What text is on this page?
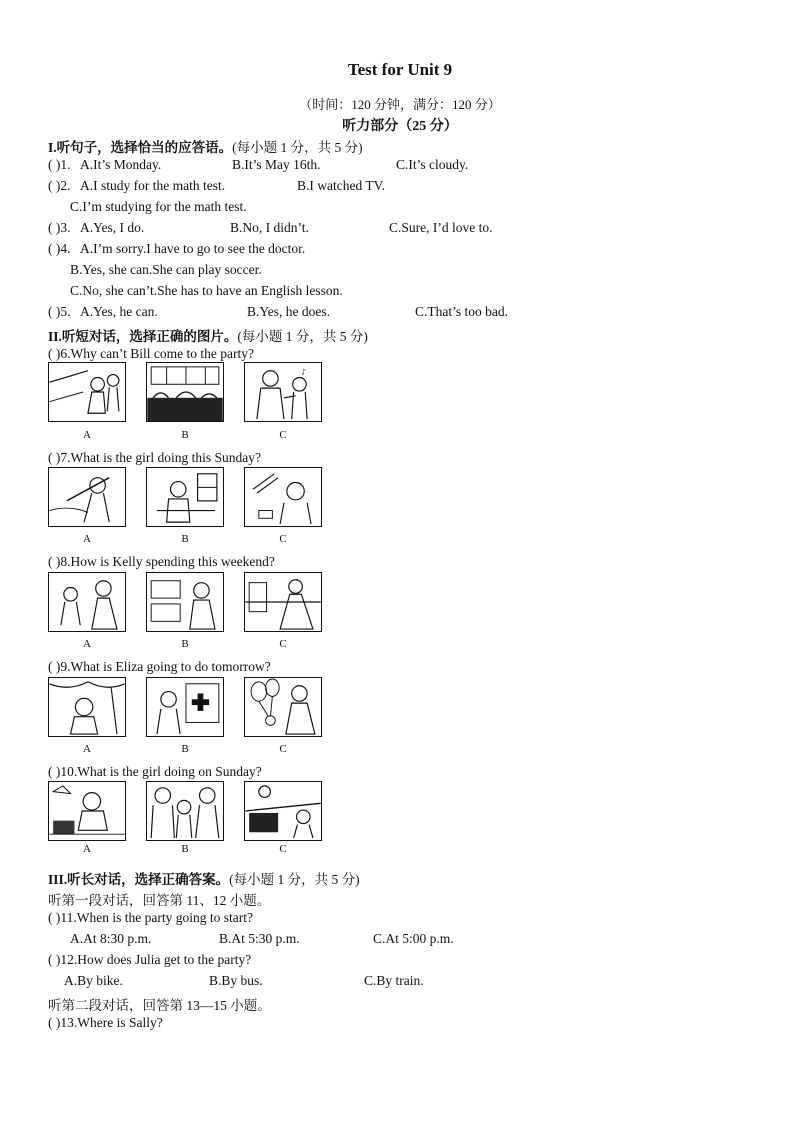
Test for Unit 9
（时间：120 分钟，满分：120 分）
听力部分（25 分）
I.听句子，选择恰当的应答语。(每小题 1 分，共 5 分)
( )1. A.It’s Monday.	B.It’s May 16th.	C.It’s cloudy.
( )2. A.I study for the math test.	B.I watched TV.
C.I’m studying for the math test.
( )3. A.Yes, I do.	B.No, I didn’t.	C.Sure, I’d love to.
( )4. A.I’m sorry.I have to go to see the doctor.
B.Yes, she can.She can play soccer.
C.No, she can’t.She has to have an English lesson.
( )5. A.Yes, he can.	B.Yes, he does.	C.That’s too bad.
II.听短对话，选择正确的图片。(每小题 1 分，共 5 分)
( )6.Why can’t Bill come to the party?
♪
A	B	C
( )7.What is the girl doing this Sunday?
A	B	C
( )8.How is Kelly spending this weekend?
A	B	C
( )9.What is Eliza going to do tomorrow?
A	B	C
( )10.What is the girl doing on Sunday?
A	B	C
III.听长对话，选择正确答案。(每小题 1 分，共 5 分)
听第一段对话，回答第 11、12 小题。
( )11.When is the party going to start?
A.At 8:30 p.m.	B.At 5:30 p.m.	C.At 5:00 p.m.
( )12.How does Julia get to the party?
A.By bike.	B.By bus.	C.By train.
听第二段对话，回答第 13—15 小题。
( )13.Where is Sally?
